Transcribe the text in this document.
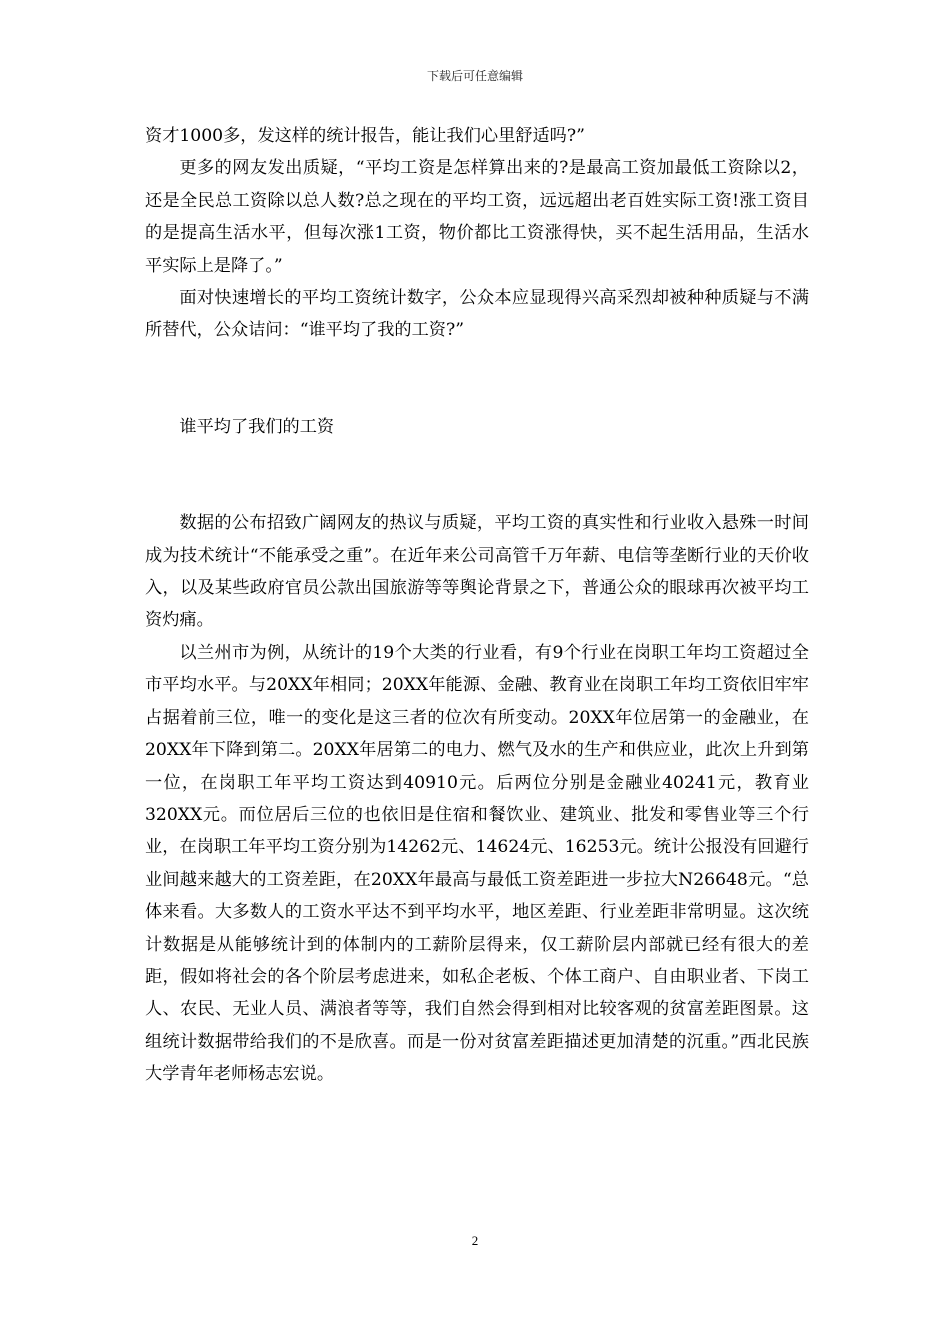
下载后可任意编辑

资才1000多，发这样的统计报告，能让我们心里舒适吗?”

更多的网友发出质疑，“平均工资是怎样算出来的?是最高工资加最低工资除以2，还是全民总工资除以总人数?总之现在的平均工资，远远超出老百姓实际工资!涨工资目的是提高生活水平，但每次涨1工资，物价都比工资涨得快，买不起生活用品，生活水平实际上是降了。”

面对快速增长的平均工资统计数字，公众本应显现得兴高采烈却被种种质疑与不满所替代，公众诘问：“谁平均了我的工资?”

谁平均了我们的工资

数据的公布招致广阔网友的热议与质疑，平均工资的真实性和行业收入悬殊一时间成为技术统计“不能承受之重”。在近年来公司高管千万年薪、电信等垄断行业的天价收入，以及某些政府官员公款出国旅游等等舆论背景之下，普通公众的眼球再次被平均工资灼痛。

以兰州市为例，从统计的19个大类的行业看，有9个行业在岗职工年均工资超过全市平均水平。与20XX年相同；20XX年能源、金融、教育业在岗职工年均工资依旧牢牢占据着前三位，唯一的变化是这三者的位次有所变动。20XX年位居第一的金融业，在20XX年下降到第二。20XX年居第二的电力、燃气及水的生产和供应业，此次上升到第一位，在岗职工年平均工资达到40910元。后两位分别是金融业40241元，教育业320XX元。而位居后三位的也依旧是住宿和餐饮业、建筑业、批发和零售业等三个行业，在岗职工年平均工资分别为14262元、14624元、16253元。统计公报没有回避行业间越来越大的工资差距，在20XX年最高与最低工资差距进一步拉大N26648元。“总体来看。大多数人的工资水平达不到平均水平，地区差距、行业差距非常明显。这次统计数据是从能够统计到的体制内的工薪阶层得来，仅工薪阶层内部就已经有很大的差距，假如将社会的各个阶层考虑进来，如私企老板、个体工商户、自由职业者、下岗工人、农民、无业人员、满浪者等等，我们自然会得到相对比较客观的贫富差距图景。这组统计数据带给我们的不是欣喜。而是一份对贫富差距描述更加清楚的沉重。”西北民族大学青年老师杨志宏说。

2
